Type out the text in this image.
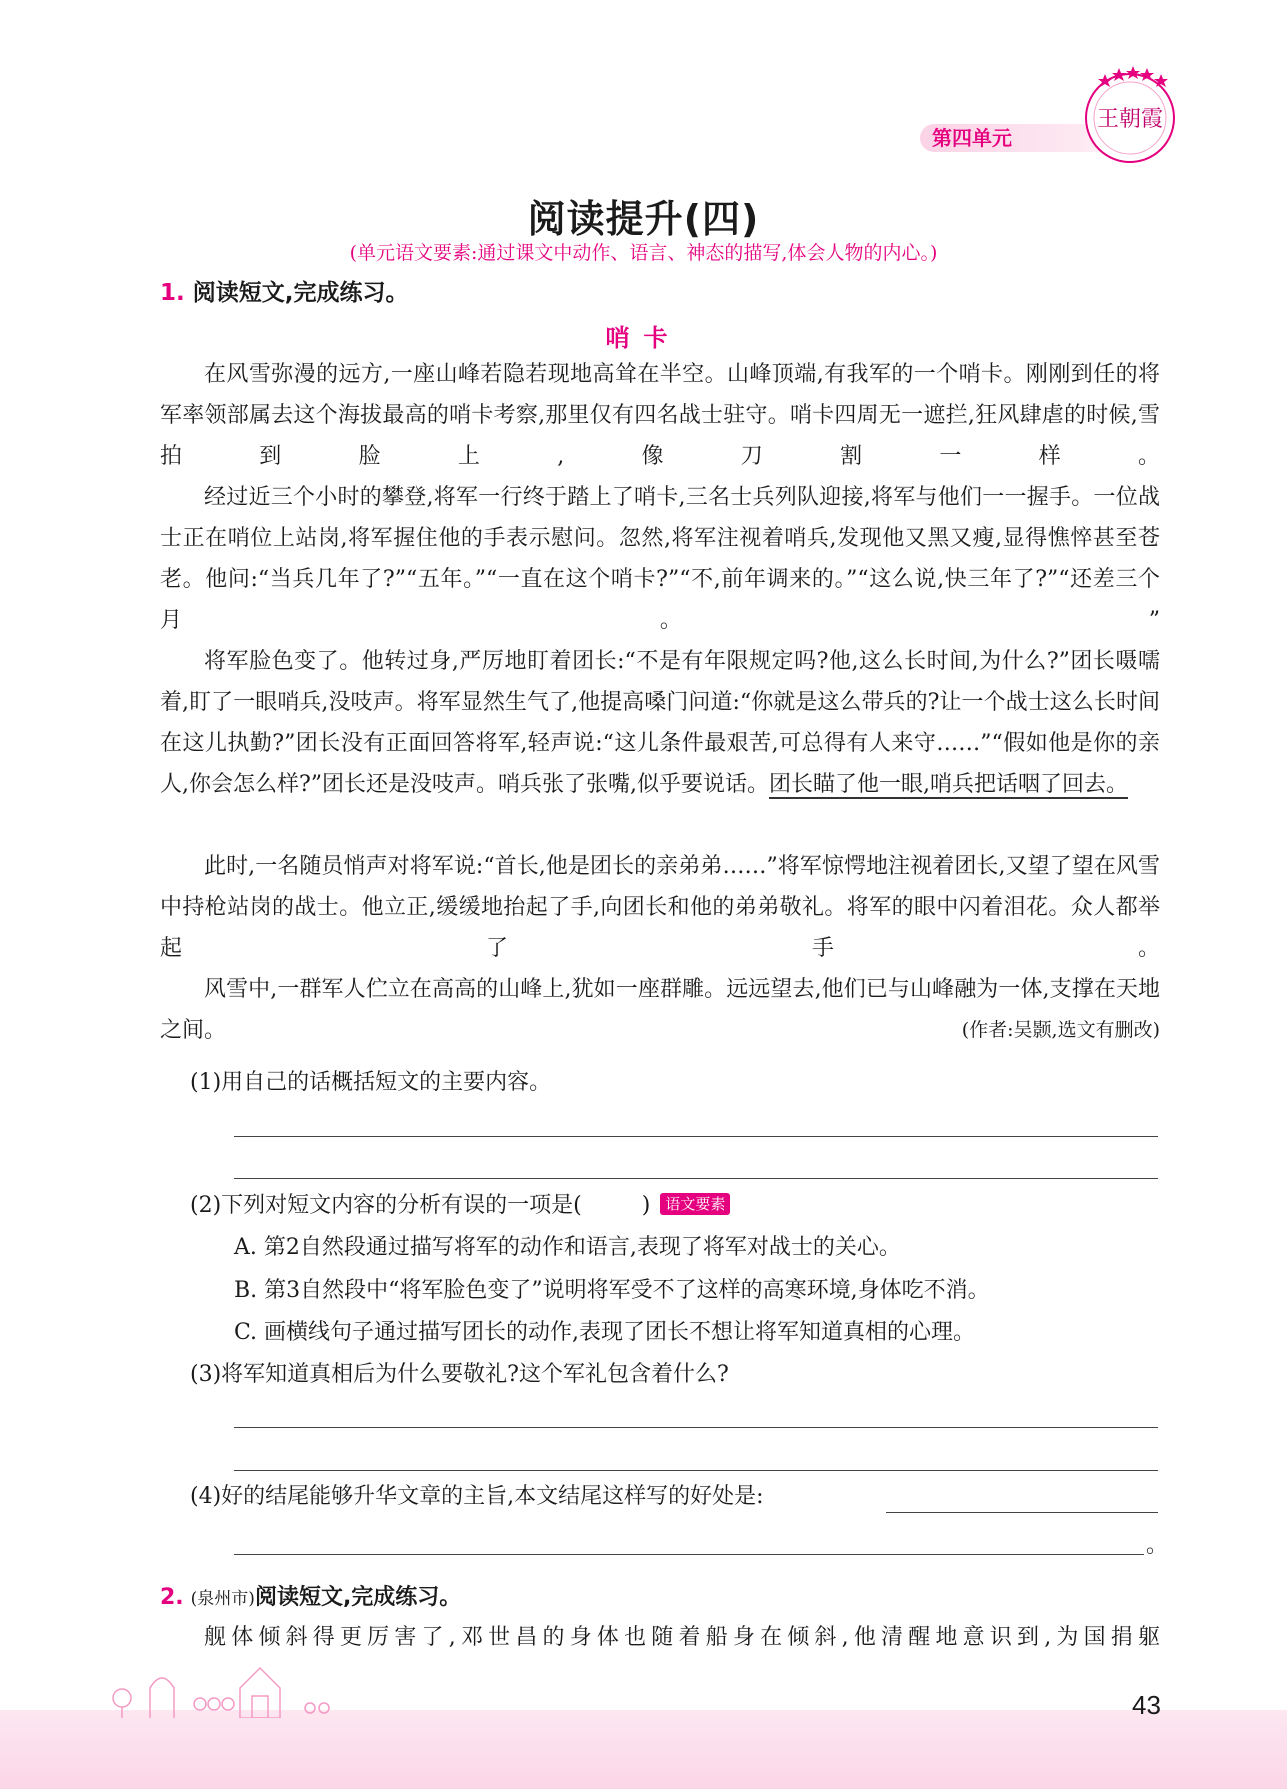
第四单元
王朝霞
阅读提升(四)
(单元语文要素:通过课文中动作、语言、神态的描写,体会人物的内心。)
1. 阅读短文,完成练习。
哨卡

在风雪弥漫的远方,一座山峰若隐若现地高耸在半空。山峰顶端,有我军的一个哨卡。刚刚到任的将军率领部属去这个海拔最高的哨卡考察,那里仅有四名战士驻守。哨卡四周无一遮拦,狂风肆虐的时候,雪拍到脸上,像刀割一样。

经过近三个小时的攀登,将军一行终于踏上了哨卡,三名士兵列队迎接,将军与他们一一握手。一位战士正在哨位上站岗,将军握住他的手表示慰问。忽然,将军注视着哨兵,发现他又黑又瘦,显得憔悴甚至苍老。他问:“当兵几年了?”“五年。”“一直在这个哨卡?”“不,前年调来的。”“这么说,快三年了?”“还差三个月。”

将军脸色变了。他转过身,严厉地盯着团长:“不是有年限规定吗?他,这么长时间,为什么?”团长嗫嚅着,盯了一眼哨兵,没吱声。将军显然生气了,他提高嗓门问道:“你就是这么带兵的?让一个战士这么长时间在这儿执勤?”团长没有正面回答将军,轻声说:“这儿条件最艰苦,可总得有人来守……”“假如他是你的亲人,你会怎么样?”团长还是没吱声。哨兵张了张嘴,似乎要说话。团长瞄了他一眼,哨兵把话咽了回去。

此时,一名随员悄声对将军说:“首长,他是团长的亲弟弟……”将军惊愕地注视着团长,又望了望在风雪中持枪站岗的战士。他立正,缓缓地抬起了手,向团长和他的弟弟敬礼。将军的眼中闪着泪花。众人都举起了手。

风雪中,一群军人伫立在高高的山峰上,犹如一座群雕。远远望去,他们已与山峰融为一体,支撑在天地之间。	(作者:吴颢,选文有删改)

(1)用自己的话概括短文的主要内容。
(2)下列对短文内容的分析有误的一项是(	) 语文要素
A. 第2自然段通过描写将军的动作和语言,表现了将军对战士的关心。
B. 第3自然段中“将军脸色变了”说明将军受不了这样的高寒环境,身体吃不消。
C. 画横线句子通过描写团长的动作,表现了团长不想让将军知道真相的心理。
(3)将军知道真相后为什么要敬礼?这个军礼包含着什么?
(4)好的结尾能够升华文章的主旨,本文结尾这样写的好处是:
。
2. (泉州市)阅读短文,完成练习。

舰体倾斜得更厉害了,邓世昌的身体也随着船身在倾斜,他清醒地意识到,为国捐躯

43
